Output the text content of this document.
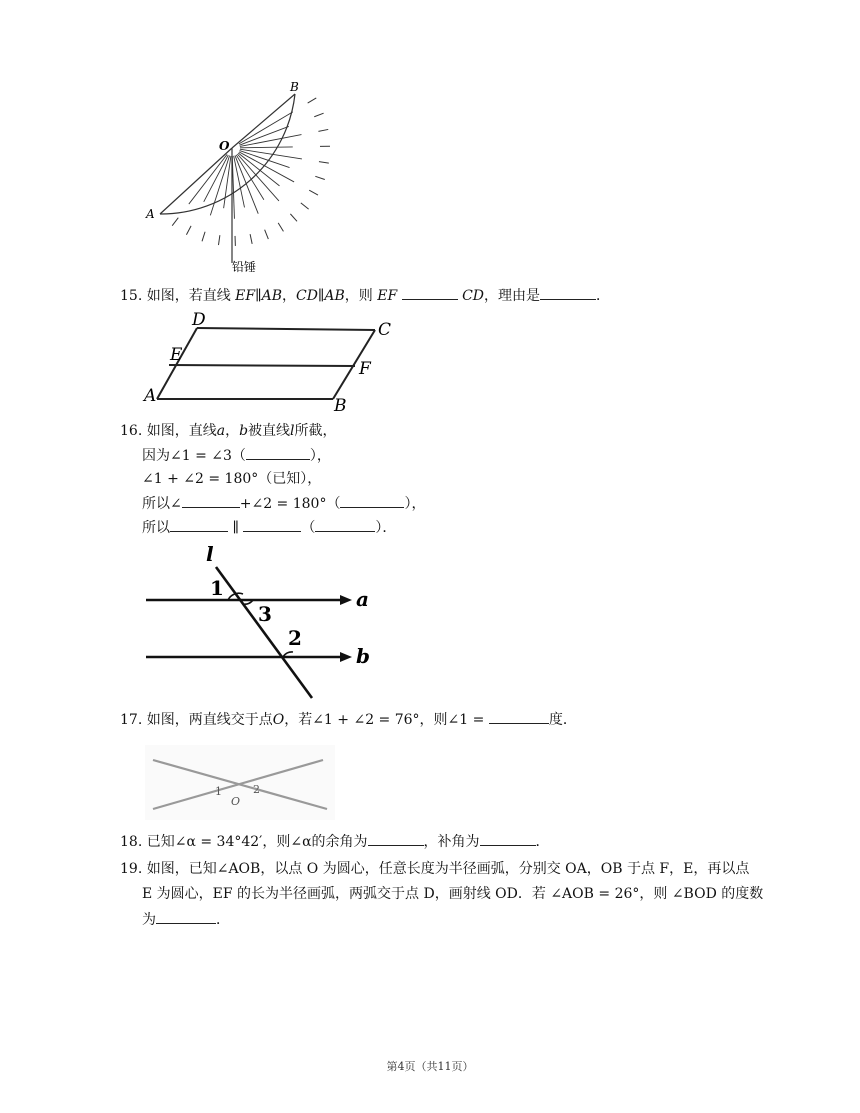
B
O
A
铅锤
15. 如图，若直线 EF∥AB，CD∥AB，则 EF	CD，理由是	．
D	C
E
F
A	B
16. 如图，直线a，b被直线l所截，
因为∠1 = ∠3（	），
∠1 + ∠2 = 180°（已知），
所以∠	+∠2 = 180°（	），
所以	∥	（	）．
l
1
3
2
a
b
17. 如图，两直线交于点O，若∠1 + ∠2 = 76°，则∠1 =	度．
1	2
O
18. 已知∠α = 34°42′，则∠α的余角为	，补角为	．
19. 如图，已知∠AOB，以点 O 为圆心，任意长度为半径画弧，分别交 OA，OB 于点 F，E，再以点
E 为圆心，EF 的长为半径画弧，两弧交于点 D，画射线 OD．若 ∠AOB = 26°，则 ∠BOD 的度数
为	．
第4页（共11页）
